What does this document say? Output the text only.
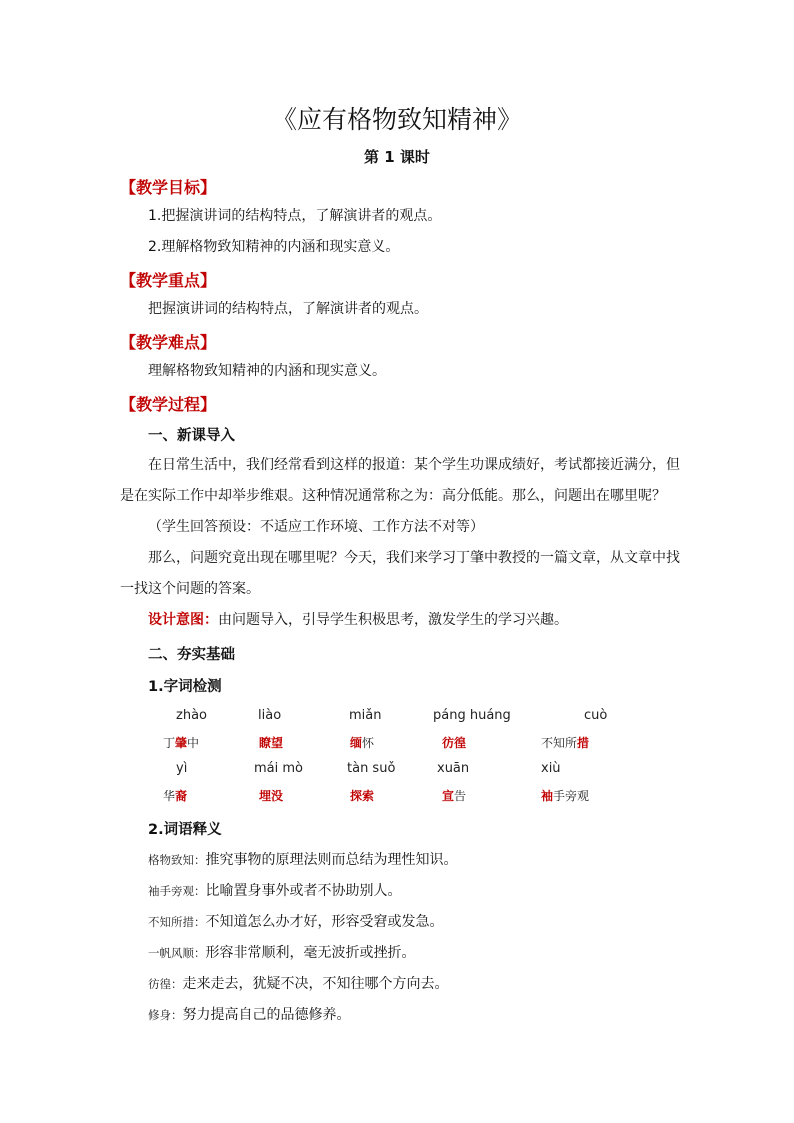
《应有格物致知精神》
第 1 课时
【教学目标】
1.把握演讲词的结构特点，了解演讲者的观点。
2.理解格物致知精神的内涵和现实意义。
【教学重点】
把握演讲词的结构特点，了解演讲者的观点。
【教学难点】
理解格物致知精神的内涵和现实意义。
【教学过程】
一、新课导入
在日常生活中，我们经常看到这样的报道：某个学生功课成绩好，考试都接近满分，但
是在实际工作中却举步维艰。这种情况通常称之为：高分低能。那么，问题出在哪里呢？
（学生回答预设：不适应工作环境、工作方法不对等）
那么，问题究竟出现在哪里呢？今天，我们来学习丁肇中教授的一篇文章，从文章中找
一找这个问题的答案。
设计意图：由问题导入，引导学生积极思考，激发学生的学习兴趣。
二、夯实基础
1.字词检测
zhào	liào	miǎn	páng huáng	cuò
丁肇中	瞭望	缅怀	彷徨	不知所措
yì	mái mò	tàn suǒ	xuān	xiù
华裔	埋没	探索	宣告	袖手旁观
2.词语释义
格物致知：推究事物的原理法则而总结为理性知识。
袖手旁观：比喻置身事外或者不协助别人。
不知所措：不知道怎么办才好，形容受窘或发急。
一帆风顺：形容非常顺利，毫无波折或挫折。
彷徨：走来走去，犹疑不决，不知往哪个方向去。
修身：努力提高自己的品德修养。
